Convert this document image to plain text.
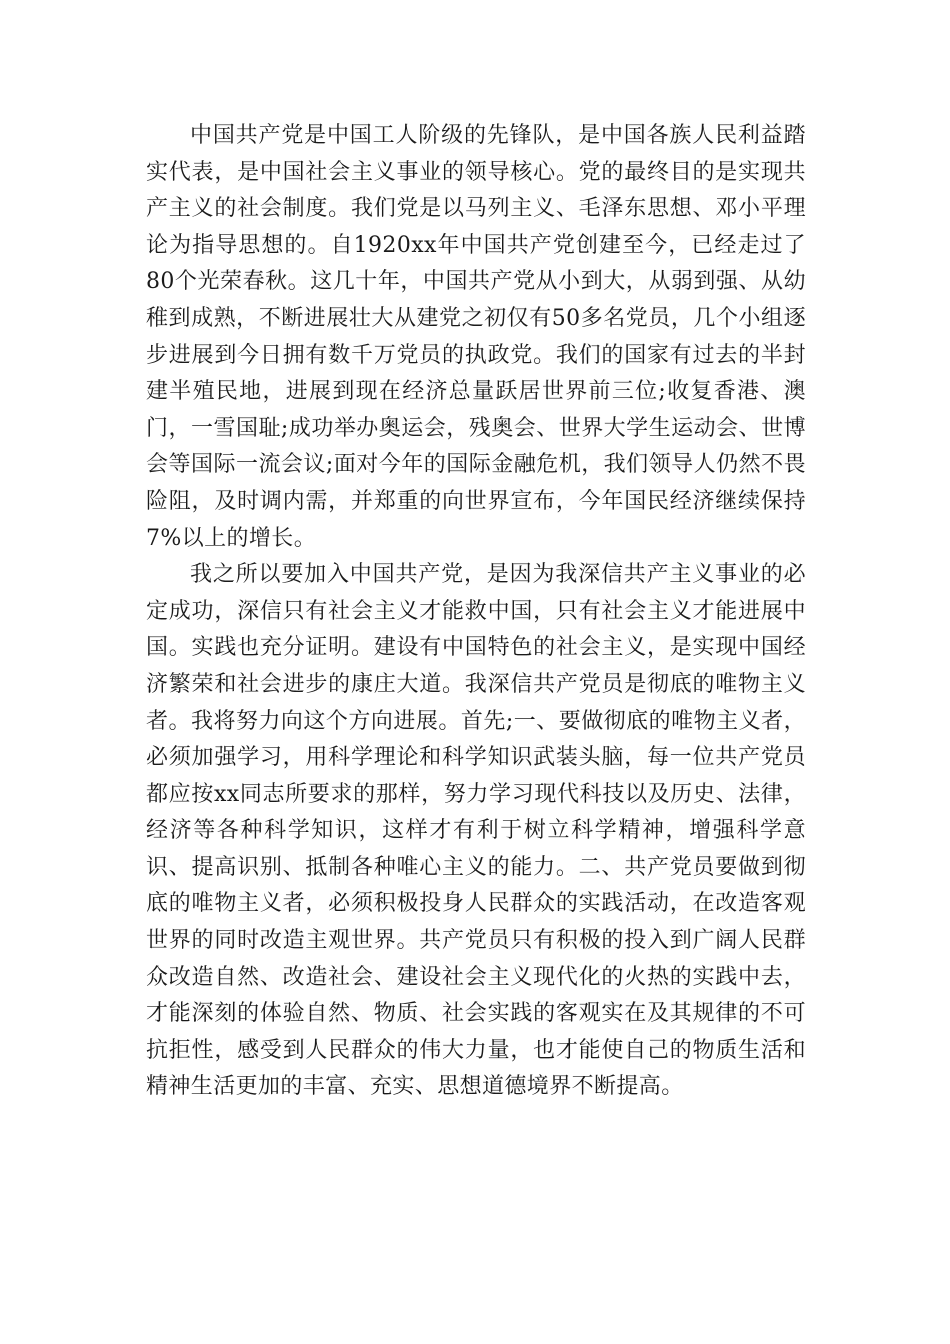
中国共产党是中国工人阶级的先锋队，是中国各族人民利益踏实代表，是中国社会主义事业的领导核心。党的最终目的是实现共产主义的社会制度。我们党是以马列主义、毛泽东思想、邓小平理论为指导思想的。自1920xx年中国共产党创建至今，已经走过了80个光荣春秋。这几十年，中国共产党从小到大，从弱到强、从幼稚到成熟，不断进展壮大从建党之初仅有50多名党员，几个小组逐步进展到今日拥有数千万党员的执政党。我们的国家有过去的半封建半殖民地，进展到现在经济总量跃居世界前三位;收复香港、澳门，一雪国耻;成功举办奥运会，残奥会、世界大学生运动会、世博会等国际一流会议;面对今年的国际金融危机，我们领导人仍然不畏险阻，及时调内需，并郑重的向世界宣布，今年国民经济继续保持7%以上的增长。

我之所以要加入中国共产党，是因为我深信共产主义事业的必定成功，深信只有社会主义才能救中国，只有社会主义才能进展中国。实践也充分证明。建设有中国特色的社会主义，是实现中国经济繁荣和社会进步的康庄大道。我深信共产党员是彻底的唯物主义者。我将努力向这个方向进展。首先;一、要做彻底的唯物主义者，必须加强学习，用科学理论和科学知识武装头脑，每一位共产党员都应按xx同志所要求的那样，努力学习现代科技以及历史、法律，经济等各种科学知识，这样才有利于树立科学精神，增强科学意识、提高识别、抵制各种唯心主义的能力。二、共产党员要做到彻底的唯物主义者，必须积极投身人民群众的实践活动，在改造客观世界的同时改造主观世界。共产党员只有积极的投入到广阔人民群众改造自然、改造社会、建设社会主义现代化的火热的实践中去，才能深刻的体验自然、物质、社会实践的客观实在及其规律的不可抗拒性，感受到人民群众的伟大力量，也才能使自己的物质生活和精神生活更加的丰富、充实、思想道德境界不断提高。
